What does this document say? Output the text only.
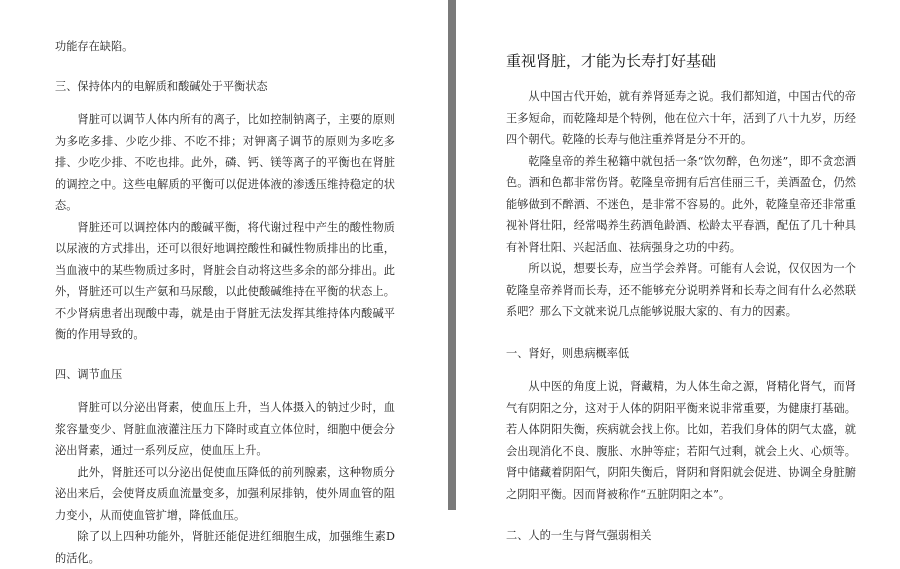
功能存在缺陷。

三、保持体内的电解质和酸碱处于平衡状态

肾脏可以调节人体内所有的离子，比如控制钠离子，主要的原则为多吃多排、少吃少排、不吃不排；对钾离子调节的原则为多吃多排、少吃少排、不吃也排。此外，磷、钙、镁等离子的平衡也在肾脏的调控之中。这些电解质的平衡可以促进体液的渗透压维持稳定的状态。

肾脏还可以调控体内的酸碱平衡，将代谢过程中产生的酸性物质以尿液的方式排出，还可以很好地调控酸性和碱性物质排出的比重，当血液中的某些物质过多时，肾脏会自动将这些多余的部分排出。此外，肾脏还可以生产氨和马尿酸，以此使酸碱维持在平衡的状态上。不少肾病患者出现酸中毒，就是由于肾脏无法发挥其维持体内酸碱平衡的作用导致的。

四、调节血压

肾脏可以分泌出肾素，使血压上升，当人体摄入的钠过少时，血浆容量变少、肾脏血液灌注压力下降时或直立体位时，细胞中便会分泌出肾素，通过一系列反应，使血压上升。

此外，肾脏还可以分泌出促使血压降低的前列腺素，这种物质分泌出来后，会使肾皮质血流量变多，加强利尿排钠，使外周血管的阻力变小，从而使血管扩增，降低血压。

除了以上四种功能外，肾脏还能促进红细胞生成，加强维生素D的活化。

重视肾脏，才能为长寿打好基础

从中国古代开始，就有养肾延寿之说。我们都知道，中国古代的帝王多短命，而乾隆却是个特例，他在位六十年，活到了八十九岁，历经四个朝代。乾隆的长寿与他注重养肾是分不开的。

乾隆皇帝的养生秘籍中就包括一条“饮勿醉，色勿迷”，即不贪恋酒色。酒和色都非常伤肾。乾隆皇帝拥有后宫佳丽三千，美酒盈仓，仍然能够做到不醉酒、不迷色，是非常不容易的。此外，乾隆皇帝还非常重视补肾壮阳，经常喝养生药酒龟龄酒、松龄太平春酒，配伍了几十种具有补肾壮阳、兴起活血、祛病强身之功的中药。

所以说，想要长寿，应当学会养肾。可能有人会说，仅仅因为一个乾隆皇帝养肾而长寿，还不能够充分说明养肾和长寿之间有什么必然联系吧？那么下文就来说几点能够说服大家的、有力的因素。

一、肾好，则患病概率低

从中医的角度上说，肾藏精，为人体生命之源，肾精化肾气，而肾气有阴阳之分，这对于人体的阴阳平衡来说非常重要，为健康打基础。若人体阴阳失衡，疾病就会找上你。比如，若我们身体的阴气太盛，就会出现消化不良、腹胀、水肿等症；若阳气过剩，就会上火、心烦等。肾中储藏着阴阳气，阴阳失衡后，肾阴和肾阳就会促进、协调全身脏腑之阴阳平衡。因而肾被称作“五脏阴阳之本”。

二、人的一生与肾气强弱相关
